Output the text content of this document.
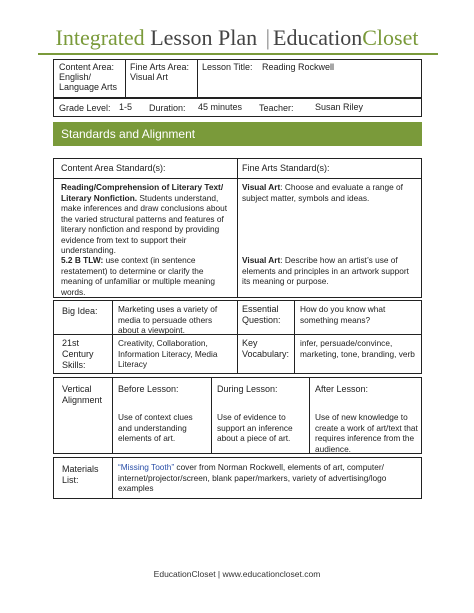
Integrated Lesson Plan | EducationCloset
Content Area:
English/
Language Arts
Fine Arts Area:
Visual Art
Lesson Title: Reading Rockwell
Grade Level: 1-5 Duration: 45 minutes Teacher: Susan Riley
Standards and Alignment
Content Area Standard(s):
Reading/Comprehension of Literary Text/ Literary Nonfiction. Students understand, make inferences and draw conclusions about the varied structural patterns and features of literary nonfiction and respond by providing evidence from text to support their understanding.
5.2 B TLW: use context (in sentence restatement) to determine or clarify the meaning of unfamiliar or multiple meaning words.
Fine Arts Standard(s):
Visual Art: Choose and evaluate a range of subject matter, symbols and ideas.
Visual Art: Describe how an artist’s use of elements and principles in an artwork support its meaning or purpose.
Big Idea: Marketing uses a variety of media to persuade others about a viewpoint.
Essential
Question:
How do you know what something means?
21st
Century
Skills:
Creativity, Collaboration, Information Literacy, Media Literacy
Key
Vocabulary:
infer, persuade/convince, marketing, tone, branding, verb
Vertical
Alignment
Before Lesson:
Use of context clues and understanding elements of art.
During Lesson:
Use of evidence to support an inference about a piece of art.
After Lesson:
Use of new knowledge to create a work of art/text that requires inference from the audience.
Materials
List:
“Missing Tooth” cover from Norman Rockwell, elements of art, computer/ internet/projector/screen, blank paper/markers, variety of advertising/logo examples
EducationCloset | www.educationcloset.com
